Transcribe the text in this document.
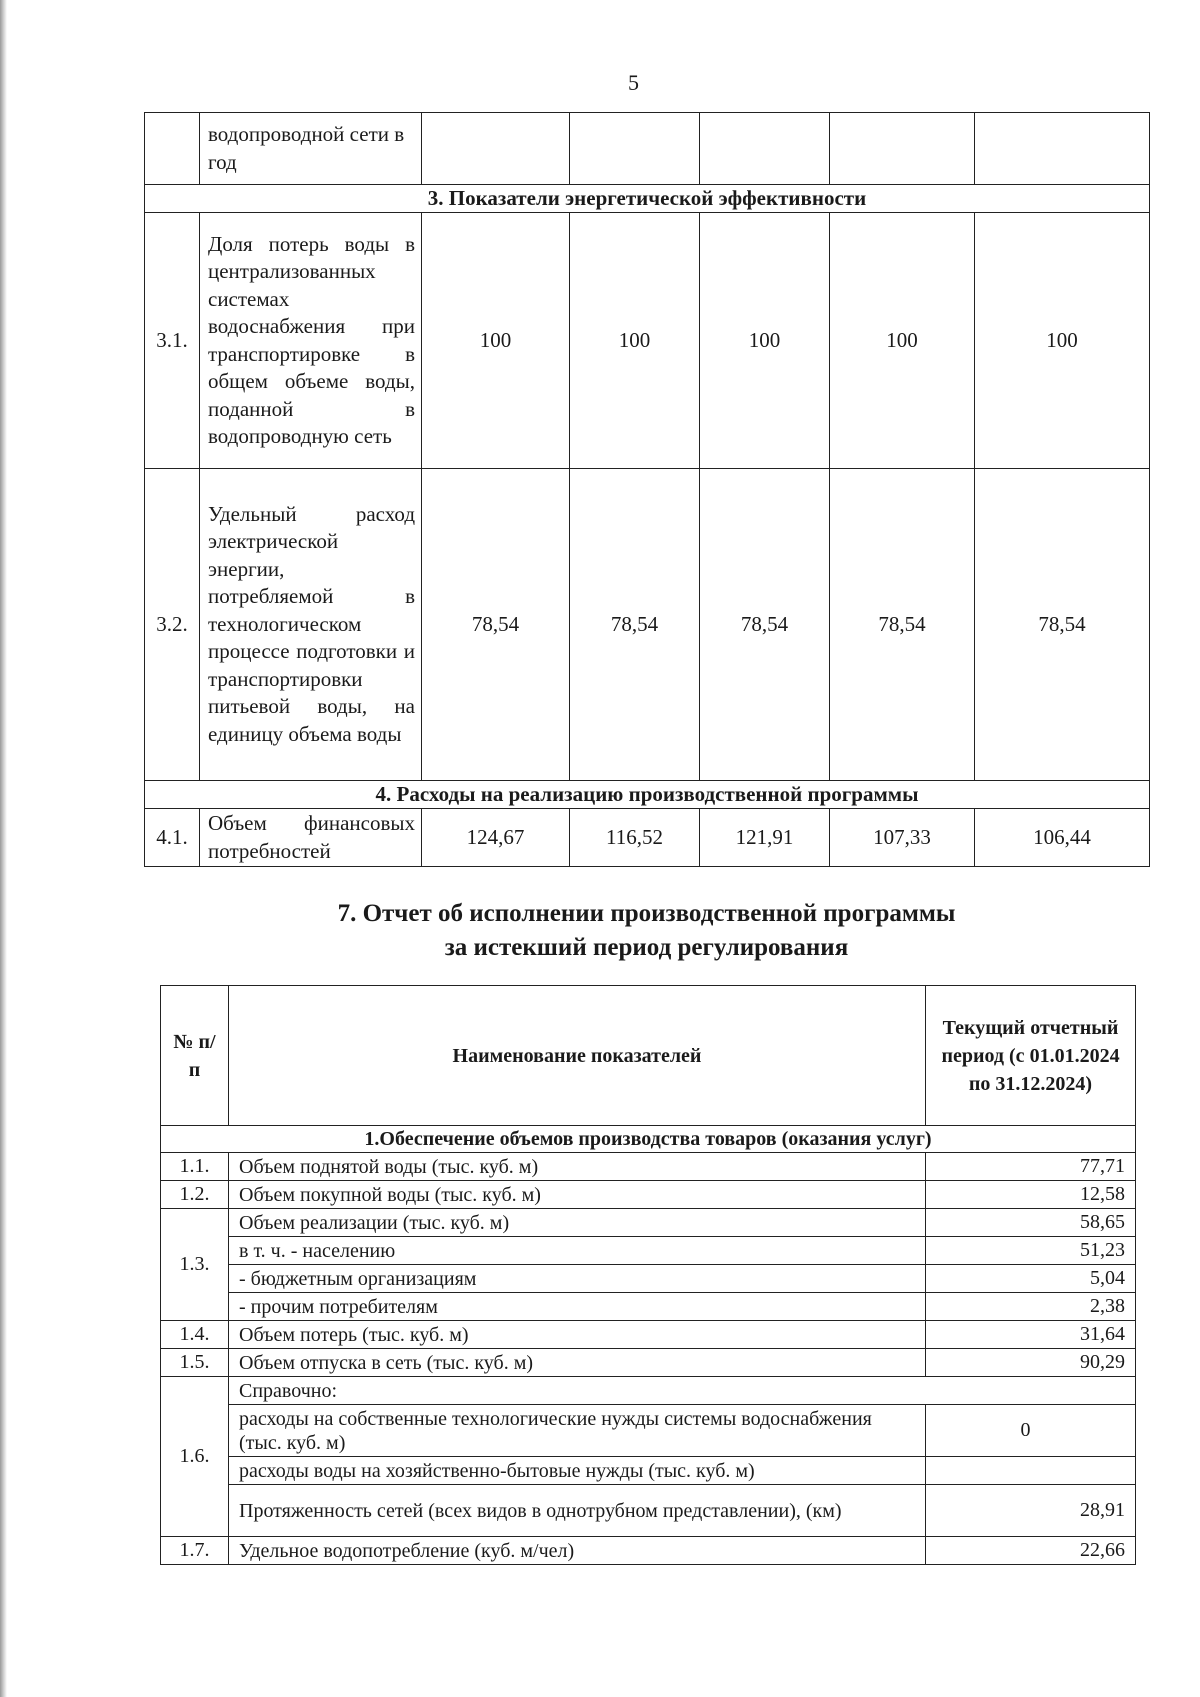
5
	водопроводной сети в год					
3. Показатели энергетической эффективности						
3.1.	Доля потерь воды в централизованных системах водоснабжения при транспортировке в общем объеме воды, поданной в водопроводную сеть	100	100	100	100	100
3.2.	Удельный расход электрической энергии, потребляемой в технологическом процессе подготовки и транспортировки питьевой воды, на единицу объема воды	78,54	78,54	78,54	78,54	78,54
4. Расходы на реализацию производственной программы						
4.1.	Объем финансовых потребностей	124,67	116,52	121,91	107,33	106,44
7. Отчет об исполнении производственной программы
за истекший период регулирования
№ п/п	Наименование показателей	Текущий отчетный период (с 01.01.2024 по 31.12.2024)
1.Обеспечение объемов производства товаров (оказания услуг)		
1.1.	Объем поднятой воды (тыс. куб. м)	77,71
1.2.	Объем покупной воды (тыс. куб. м)	12,58
1.3.	Объем реализации (тыс. куб. м)	58,65
	в т. ч. - населению	51,23
	- бюджетным организациям	5,04
	- прочим потребителям	2,38
1.4.	Объем потерь (тыс. куб. м)	31,64
1.5.	Объем отпуска в сеть (тыс. куб. м)	90,29
1.6.	Справочно:	
	расходы на собственные технологические нужды системы водоснабжения (тыс. куб. м)	0
	расходы воды на хозяйственно-бытовые нужды (тыс. куб. м)	
	Протяженность сетей (всех видов в однотрубном представлении), (км)	28,91
1.7.	Удельное водопотребление (куб. м/чел)	22,66
